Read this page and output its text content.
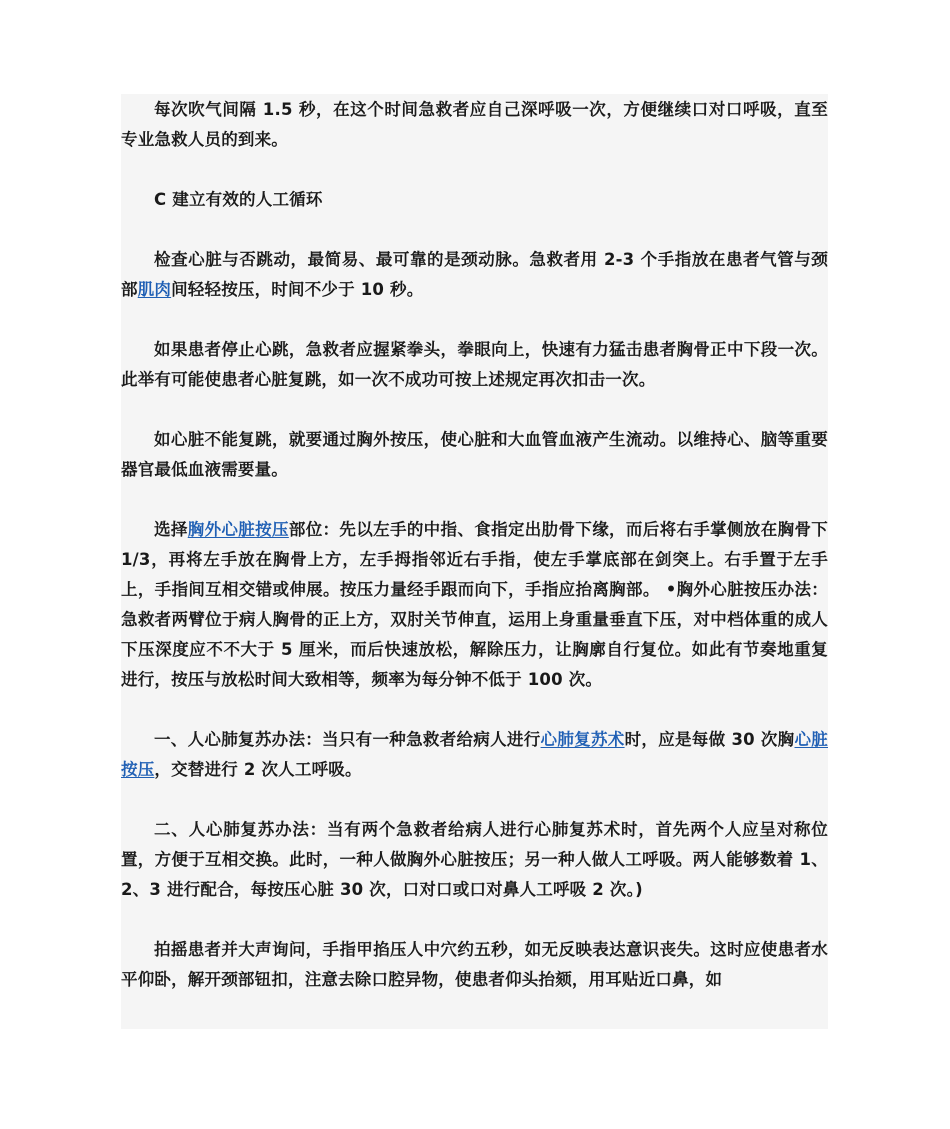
每次吹气间隔 1.5 秒，在这个时间急救者应自己深呼吸一次，方便继续口对口呼吸，直至专业急救人员的到来。

C 建立有效的人工循环

检查心脏与否跳动，最简易、最可靠的是颈动脉。急救者用 2-3 个手指放在患者气管与颈部肌肉间轻轻按压，时间不少于 10 秒。

如果患者停止心跳，急救者应握紧拳头，拳眼向上，快速有力猛击患者胸骨正中下段一次。此举有可能使患者心脏复跳，如一次不成功可按上述规定再次扣击一次。

如心脏不能复跳，就要通过胸外按压，使心脏和大血管血液产生流动。以维持心、脑等重要器官最低血液需要量。

选择胸外心脏按压部位：先以左手的中指、食指定出肋骨下缘，而后将右手掌侧放在胸骨下 1/3，再将左手放在胸骨上方，左手拇指邻近右手指，使左手掌底部在剑突上。右手置于左手上，手指间互相交错或伸展。按压力量经手跟而向下，手指应抬离胸部。 •胸外心脏按压办法：急救者两臂位于病人胸骨的正上方，双肘关节伸直，运用上身重量垂直下压，对中档体重的成人下压深度应不不大于 5 厘米，而后快速放松，解除压力，让胸廓自行复位。如此有节奏地重复进行，按压与放松时间大致相等，频率为每分钟不低于 100 次。

一、人心肺复苏办法：当只有一种急救者给病人进行心肺复苏术时，应是每做 30 次胸心脏按压，交替进行 2 次人工呼吸。

二、人心肺复苏办法：当有两个急救者给病人进行心肺复苏术时，首先两个人应呈对称位置，方便于互相交换。此时，一种人做胸外心脏按压；另一种人做人工呼吸。两人能够数着 1、2、3 进行配合，每按压心脏 30 次，口对口或口对鼻人工呼吸 2 次。)

拍摇患者并大声询问，手指甲掐压人中穴约五秒，如无反映表达意识丧失。这时应使患者水平仰卧，解开颈部钮扣，注意去除口腔异物，使患者仰头抬颏，用耳贴近口鼻，如
